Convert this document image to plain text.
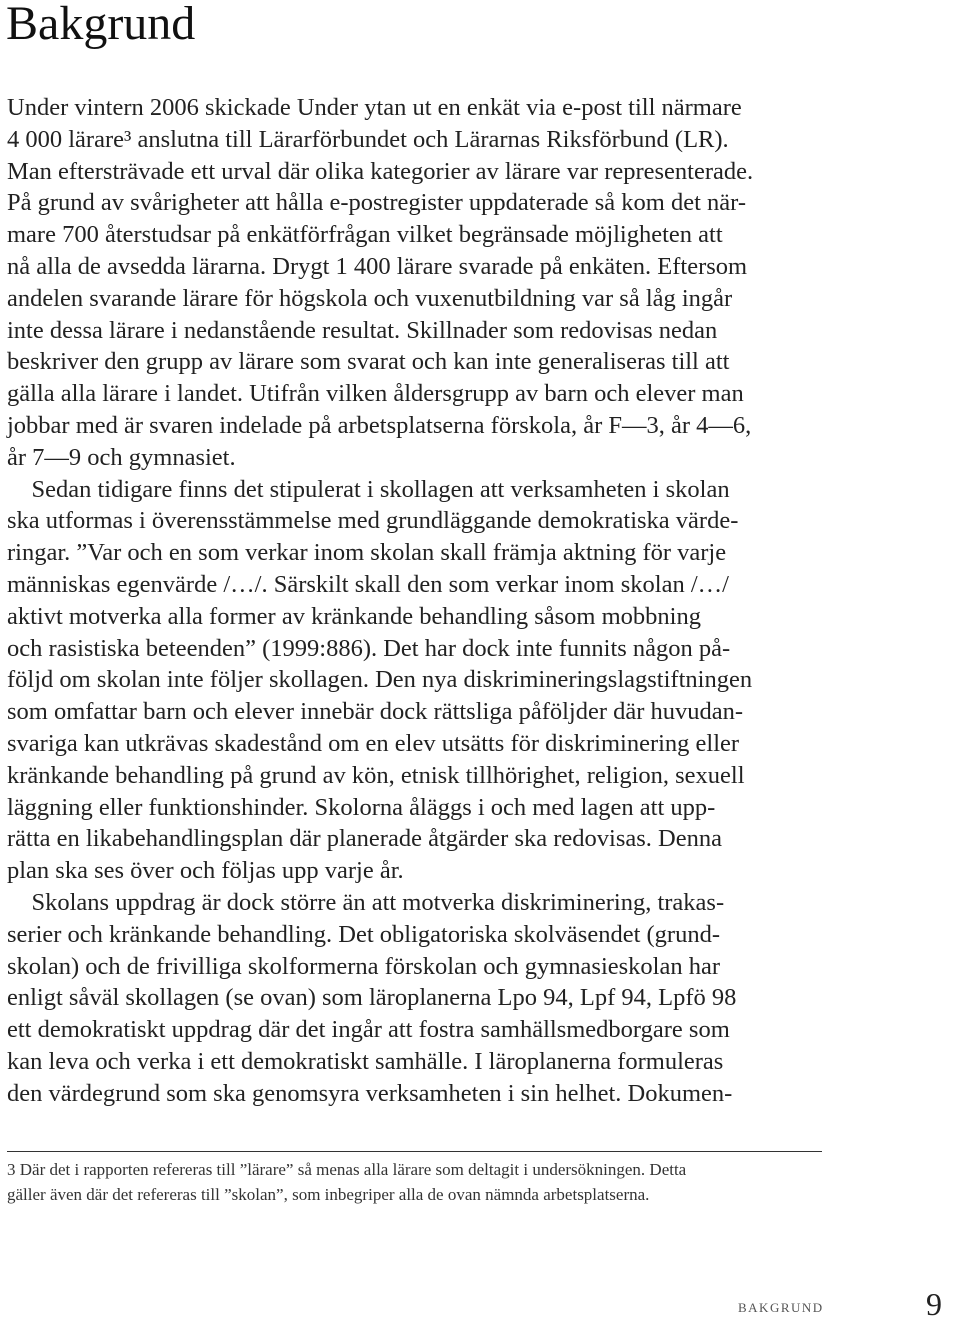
Bakgrund
Under vintern 2006 skickade Under ytan ut en enkät via e-post till närmare
4 000 lärare³ anslutna till Lärarförbundet och Lärarnas Riksförbund (LR).
Man eftersträvade ett urval där olika kategorier av lärare var representerade.
På grund av svårigheter att hålla e-postregister uppdaterade så kom det när-
mare 700 återstudsar på enkätförfrågan vilket begränsade möjligheten att
nå alla de avsedda lärarna. Drygt 1 400 lärare svarade på enkäten. Eftersom
andelen svarande lärare för högskola och vuxenutbildning var så låg ingår
inte dessa lärare i nedanstående resultat. Skillnader som redovisas nedan
beskriver den grupp av lärare som svarat och kan inte generaliseras till att
gälla alla lärare i landet. Utifrån vilken åldersgrupp av barn och elever man
jobbar med är svaren indelade på arbetsplatserna förskola, år F—3, år 4—6,
år 7—9 och gymnasiet.
Sedan tidigare finns det stipulerat i skollagen att verksamheten i skolan
ska utformas i överensstämmelse med grundläggande demokratiska värde-
ringar. ”Var och en som verkar inom skolan skall främja aktning för varje
människas egenvärde /…/. Särskilt skall den som verkar inom skolan /…/
aktivt motverka alla former av kränkande behandling såsom mobbning
och rasistiska beteenden” (1999:886). Det har dock inte funnits någon på-
följd om skolan inte följer skollagen. Den nya diskrimineringslagstiftningen
som omfattar barn och elever innebär dock rättsliga påföljder där huvudan-
svariga kan utkrävas skadestånd om en elev utsätts för diskriminering eller
kränkande behandling på grund av kön, etnisk tillhörighet, religion, sexuell
läggning eller funktionshinder. Skolorna åläggs i och med lagen att upp-
rätta en likabehandlingsplan där planerade åtgärder ska redovisas. Denna
plan ska ses över och följas upp varje år.
Skolans uppdrag är dock större än att motverka diskriminering, trakas-
serier och kränkande behandling. Det obligatoriska skolväsendet (grund-
skolan) och de frivilliga skolformerna förskolan och gymnasieskolan har
enligt såväl skollagen (se ovan) som läroplanerna Lpo 94, Lpf 94, Lpfö 98
ett demokratiskt uppdrag där det ingår att fostra samhällsmedborgare som
kan leva och verka i ett demokratiskt samhälle. I läroplanerna formuleras
den värdegrund som ska genomsyra verksamheten i sin helhet. Dokumen-
3 Där det i rapporten refereras till ”lärare” så menas alla lärare som deltagit i undersökningen. Detta
gäller även där det refereras till ”skolan”, som inbegriper alla de ovan nämnda arbetsplatserna.
BAKGRUND	9
